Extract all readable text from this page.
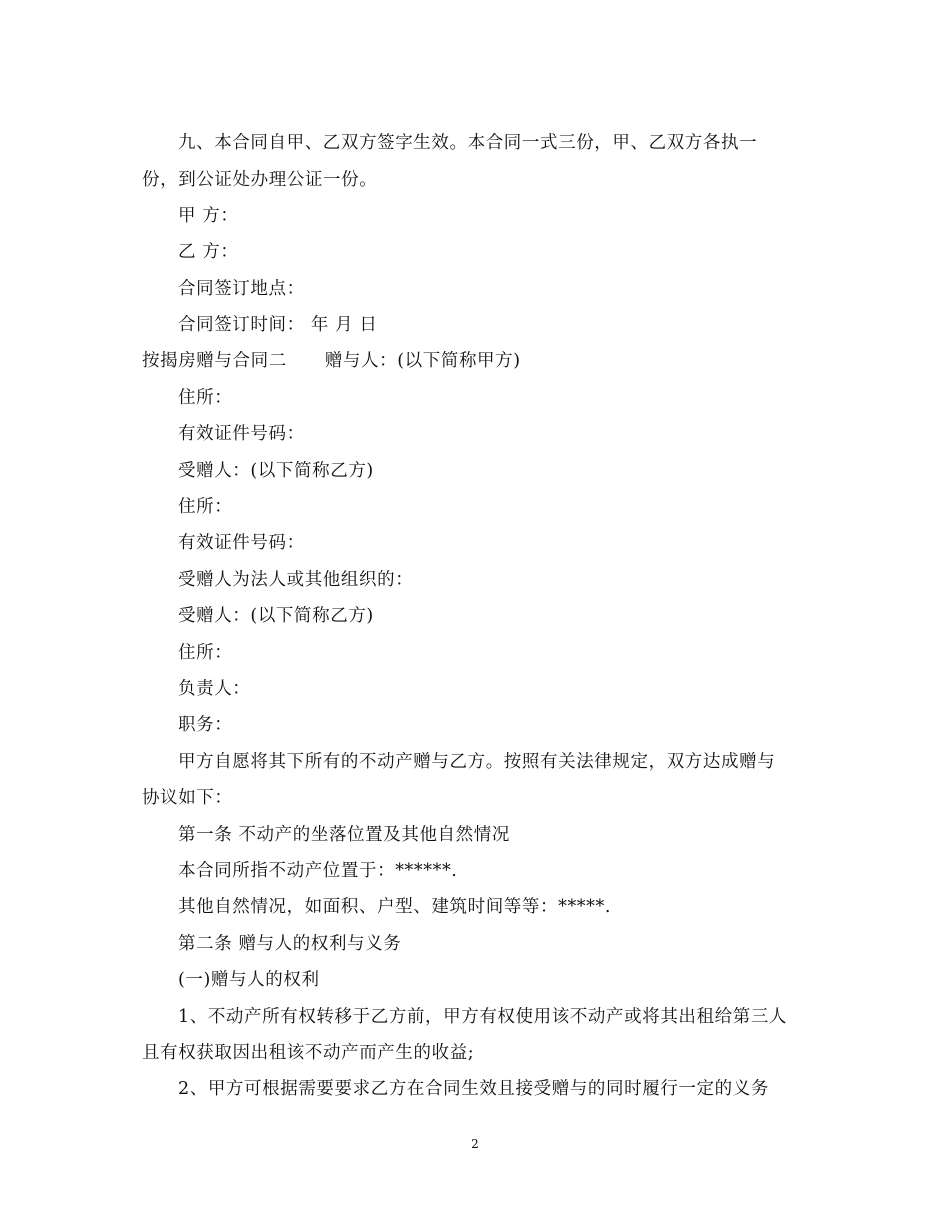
九、本合同自甲、乙双方签字生效。本合同一式三份，甲、乙双方各执一
份，到公证处办理公证一份。
甲 方：
乙 方：
合同签订地点：
合同签订时间： 年 月 日
按揭房赠与合同二 赠与人：(以下简称甲方)
住所：
有效证件号码：
受赠人：(以下简称乙方)
住所：
有效证件号码：
受赠人为法人或其他组织的：
受赠人：(以下简称乙方)
住所：
负责人：
职务：
甲方自愿将其下所有的不动产赠与乙方。按照有关法律规定，双方达成赠与
协议如下：
第一条 不动产的坐落位置及其他自然情况
本合同所指不动产位置于：******.
其他自然情况，如面积、户型、建筑时间等等：*****.
第二条 赠与人的权利与义务
(一)赠与人的权利
1、不动产所有权转移于乙方前，甲方有权使用该不动产或将其出租给第三人
且有权获取因出租该不动产而产生的收益;
2、甲方可根据需要要求乙方在合同生效且接受赠与的同时履行一定的义务
2
